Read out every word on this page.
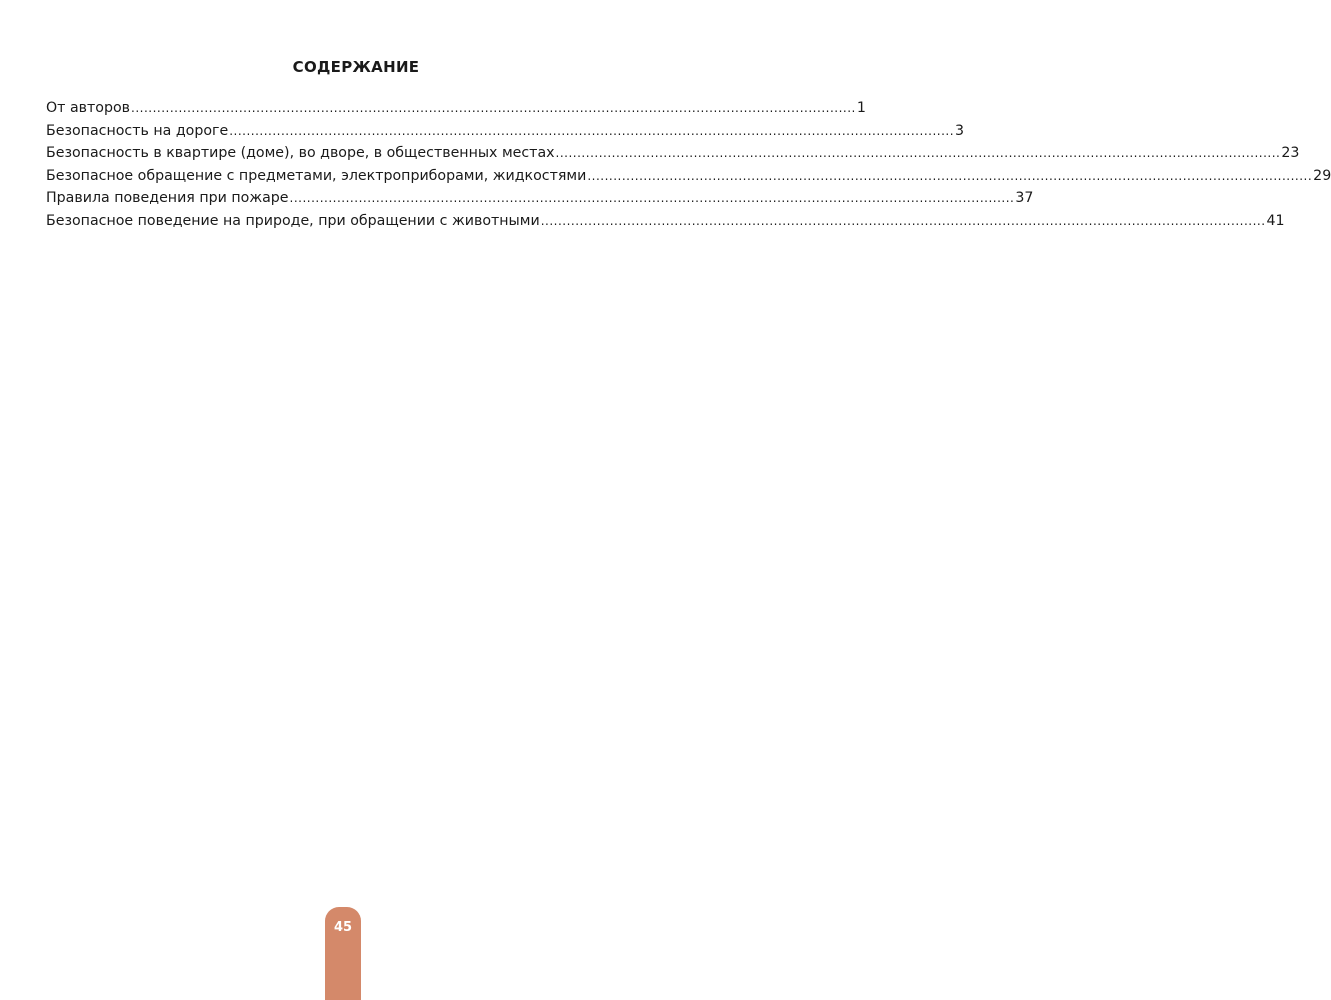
СОДЕРЖАНИЕ
От авторов ........................................................................................................................................................................ 1
Безопасность на дороге ........................................................................................................................................................................ 3
Безопасность в квартире (доме), во дворе, в общественных местах ........................................................................................................................................................................ 23
Безопасное обращение с предметами, электроприборами, жидкостями ........................................................................................................................................................................ 29
Правила поведения при пожаре ........................................................................................................................................................................ 37
Безопасное поведение на природе, при обращении с животными ........................................................................................................................................................................ 41
45
